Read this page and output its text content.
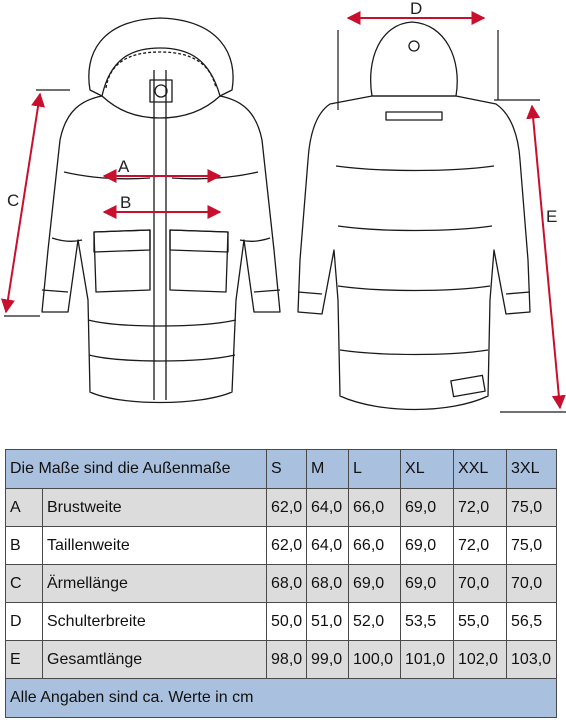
A
B
C
D
E
Die Maße sind die Außenmaße		S	M	L	XL	XXL	3XL
A	Brustweite	62,0	64,0	66,0	69,0	72,0	75,0
B	Taillenweite	62,0	64,0	66,0	69,0	72,0	75,0
C	Ärmellänge	68,0	68,0	69,0	69,0	70,0	70,0
D	Schulterbreite	50,0	51,0	52,0	53,5	55,0	56,5
E	Gesamtlänge	98,0	99,0	100,0	101,0	102,0	103,0
Alle Angaben sind ca. Werte in cm							
